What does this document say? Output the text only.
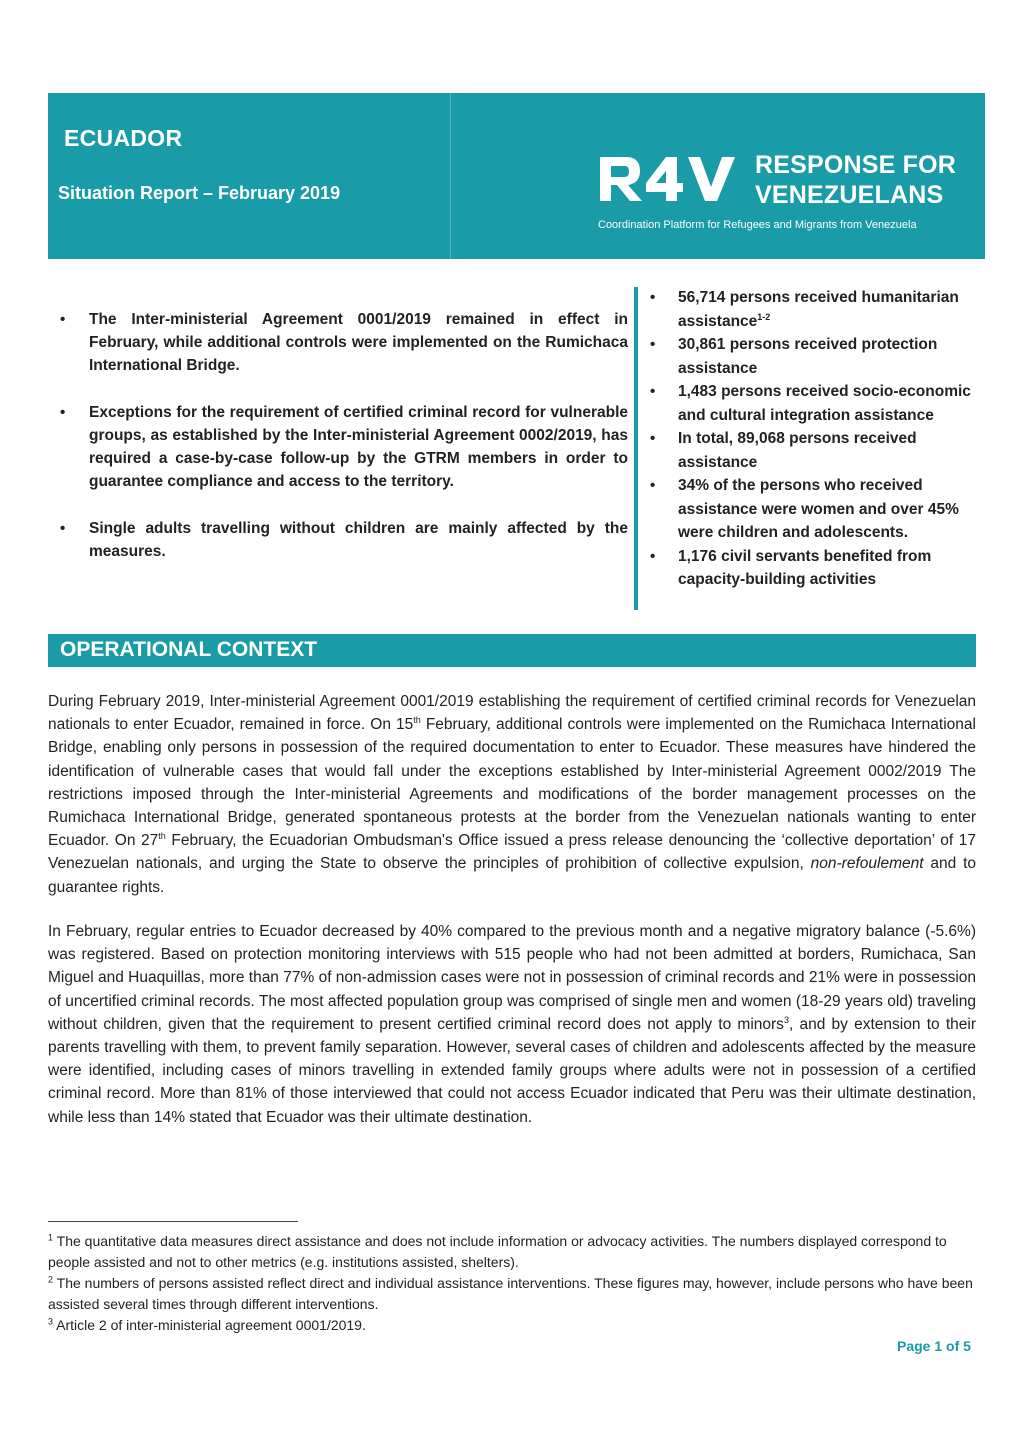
ECUADOR
Situation Report – February 2019
RESPONSE FOR
VENEZUELANS
Coordination Platform for Refugees and Migrants from Venezuela
• The Inter-ministerial Agreement 0001/2019 remained in effect in February, while additional controls were implemented on the Rumichaca International Bridge.
• Exceptions for the requirement of certified criminal record for vulnerable groups, as established by the Inter-ministerial Agreement 0002/2019, has required a case-by-case follow-up by the GTRM members in order to guarantee compliance and access to the territory.
• Single adults travelling without children are mainly affected by the measures.
• 56,714 persons received humanitarian assistance$^{1-2}$
• 30,861 persons received protection assistance
• 1,483 persons received socio-economic and cultural integration assistance
• In total, 89,068 persons received assistance
• 34% of the persons who received assistance were women and over 45% were children and adolescents.
• 1,176 civil servants benefited from capacity-building activities
OPERATIONAL CONTEXT
During February 2019, Inter-ministerial Agreement 0001/2019 establishing the requirement of certified criminal records for Venezuelan nationals to enter Ecuador, remained in force. On 15th February, additional controls were implemented on the Rumichaca International Bridge, enabling only persons in possession of the required documentation to enter to Ecuador. These measures have hindered the identification of vulnerable cases that would fall under the exceptions established by Inter-ministerial Agreement 0002/2019 The restrictions imposed through the Inter-ministerial Agreements and modifications of the border management processes on the Rumichaca International Bridge, generated spontaneous protests at the border from the Venezuelan nationals wanting to enter Ecuador. On 27th February, the Ecuadorian Ombudsman's Office issued a press release denouncing the ‘collective deportation’ of 17 Venezuelan nationals, and urging the State to observe the principles of prohibition of collective expulsion, non-refoulement and to guarantee rights.
In February, regular entries to Ecuador decreased by 40% compared to the previous month and a negative migratory balance (-5.6%) was registered. Based on protection monitoring interviews with 515 people who had not been admitted at borders, Rumichaca, San Miguel and Huaquillas, more than 77% of non-admission cases were not in possession of criminal records and 21% were in possession of uncertified criminal records. The most affected population group was comprised of single men and women (18-29 years old) traveling without children, given that the requirement to present certified criminal record does not apply to minors$^3$, and by extension to their parents travelling with them, to prevent family separation. However, several cases of children and adolescents affected by the measure were identified, including cases of minors travelling in extended family groups where adults were not in possession of a certified criminal record. More than 81% of those interviewed that could not access Ecuador indicated that Peru was their ultimate destination, while less than 14% stated that Ecuador was their ultimate destination.
$^1$ The quantitative data measures direct assistance and does not include information or advocacy activities. The numbers displayed correspond to people assisted and not to other metrics (e.g. institutions assisted, shelters).
$^2$ The numbers of persons assisted reflect direct and individual assistance interventions. These figures may, however, include persons who have been assisted several times through different interventions.
$^3$ Article 2 of inter-ministerial agreement 0001/2019.
Page 1 of 5
